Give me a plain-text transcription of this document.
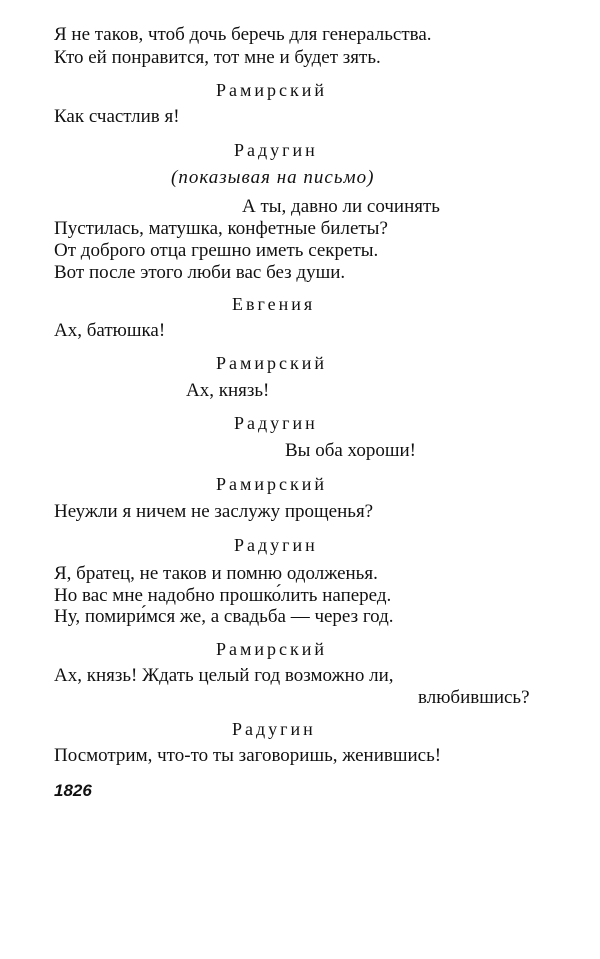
Я не таков, чтоб дочь беречь для генеральства.
Кто ей понравится, тот мне и будет зять.
Рамирский
Как счастлив я!
Радугин
(показывая на письмо)
А ты, давно ли сочинять
Пустилась, матушка, конфетные билеты?
От доброго отца грешно иметь секреты.
Вот после этого люби вас без души.
Евгения
Ах, батюшка!
Рамирский
Ах, князь!
Радугин
Вы оба хороши!
Рамирский
Неужли я ничем не заслужу прощенья?
Радугин
Я, братец, не таков и помню одолженья.
Но вас мне надобно прошко́лить наперед.
Ну, помири́мся же, а свадьба — через год.
Рамирский
Ах, князь! Ждать целый год возможно ли,
влюбившись?
Радугин
Посмотрим, что-то ты заговоришь, женившись!
1826
